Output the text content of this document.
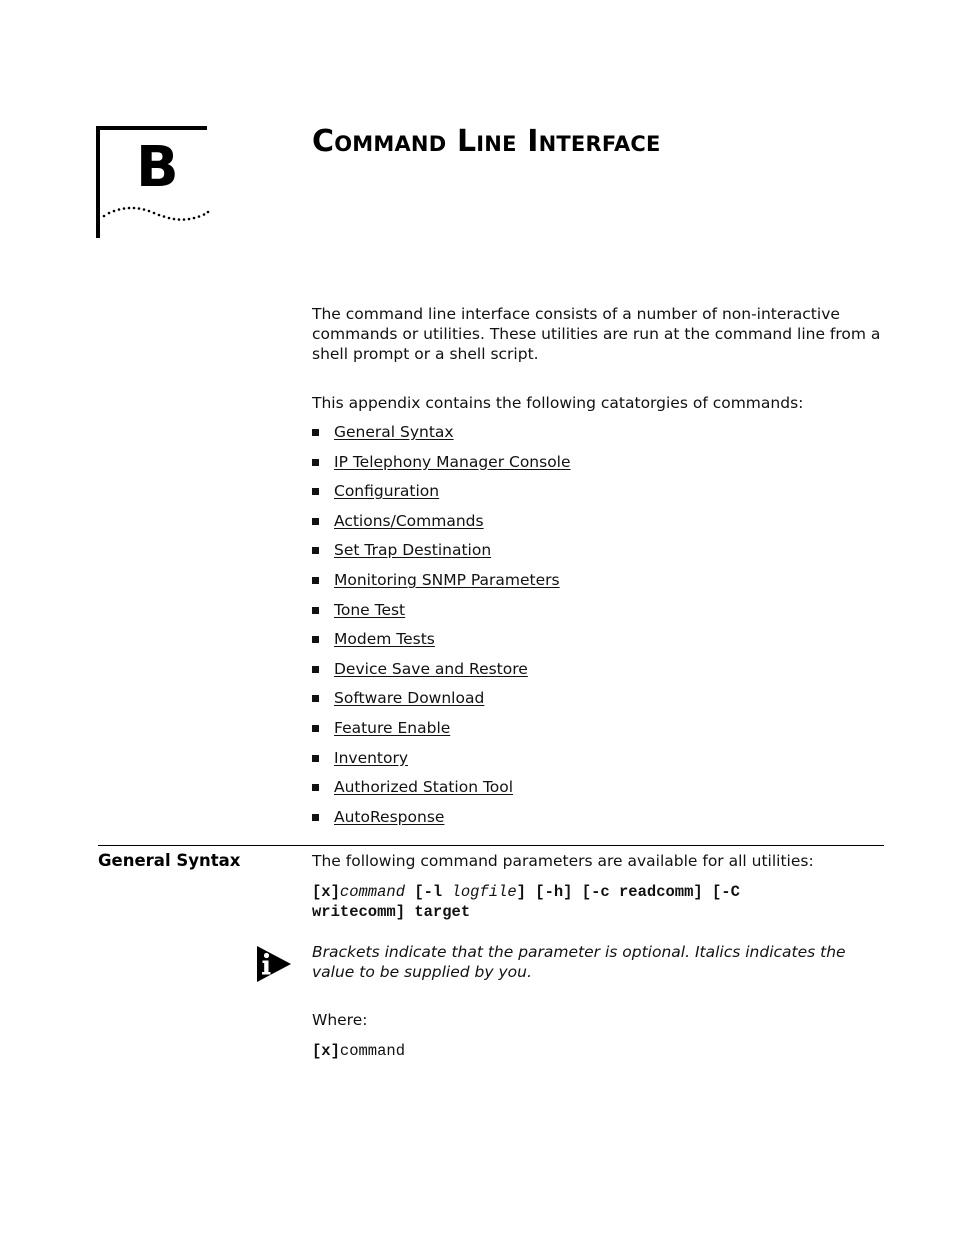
B	Command Line Interface

The command line interface consists of a number of non-interactive commands or utilities. These utilities are run at the command line from a shell prompt or a shell script.

This appendix contains the following catatorgies of commands:

General Syntax
IP Telephony Manager Console
Configuration
Actions/Commands
Set Trap Destination
Monitoring SNMP Parameters
Tone Test
Modem Tests
Device Save and Restore
Software Download
Feature Enable
Inventory
Authorized Station Tool
AutoResponse
General Syntax	The following command parameters are available for all utilities:

[x]command [-l logfile] [-h] [-c readcomm] [-C
writecomm] target

Brackets indicate that the parameter is optional. Italics indicates the value to be supplied by you.

Where:

[x]command
